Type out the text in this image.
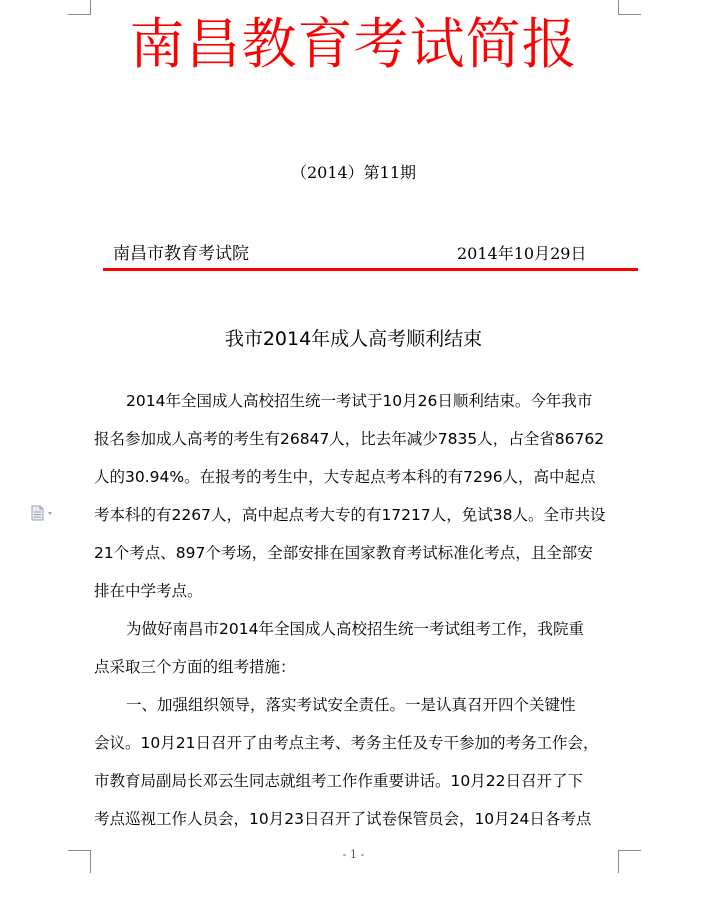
南昌教育考试简报
（2014）第11期
南昌市教育考试院	2014年10月29日
我市2014年成人高考顺利结束
2014年全国成人高校招生统一考试于10月26日顺利结束。今年我市
报名参加成人高考的考生有26847人，比去年减少7835人，占全省86762
人的30.94%。在报考的考生中，大专起点考本科的有7296人，高中起点
考本科的有2267人，高中起点考大专的有17217人，免试38人。全市共设
21个考点、897个考场，全部安排在国家教育考试标准化考点，且全部安
排在中学考点。
为做好南昌市2014年全国成人高校招生统一考试组考工作，我院重
点采取三个方面的组考措施：
一、加强组织领导，落实考试安全责任。一是认真召开四个关键性
会议。10月21日召开了由考点主考、考务主任及专干参加的考务工作会，
市教育局副局长邓云生同志就组考工作作重要讲话。10月22日召开了下
考点巡视工作人员会，10月23日召开了试卷保管员会，10月24日各考点
- 1 -
